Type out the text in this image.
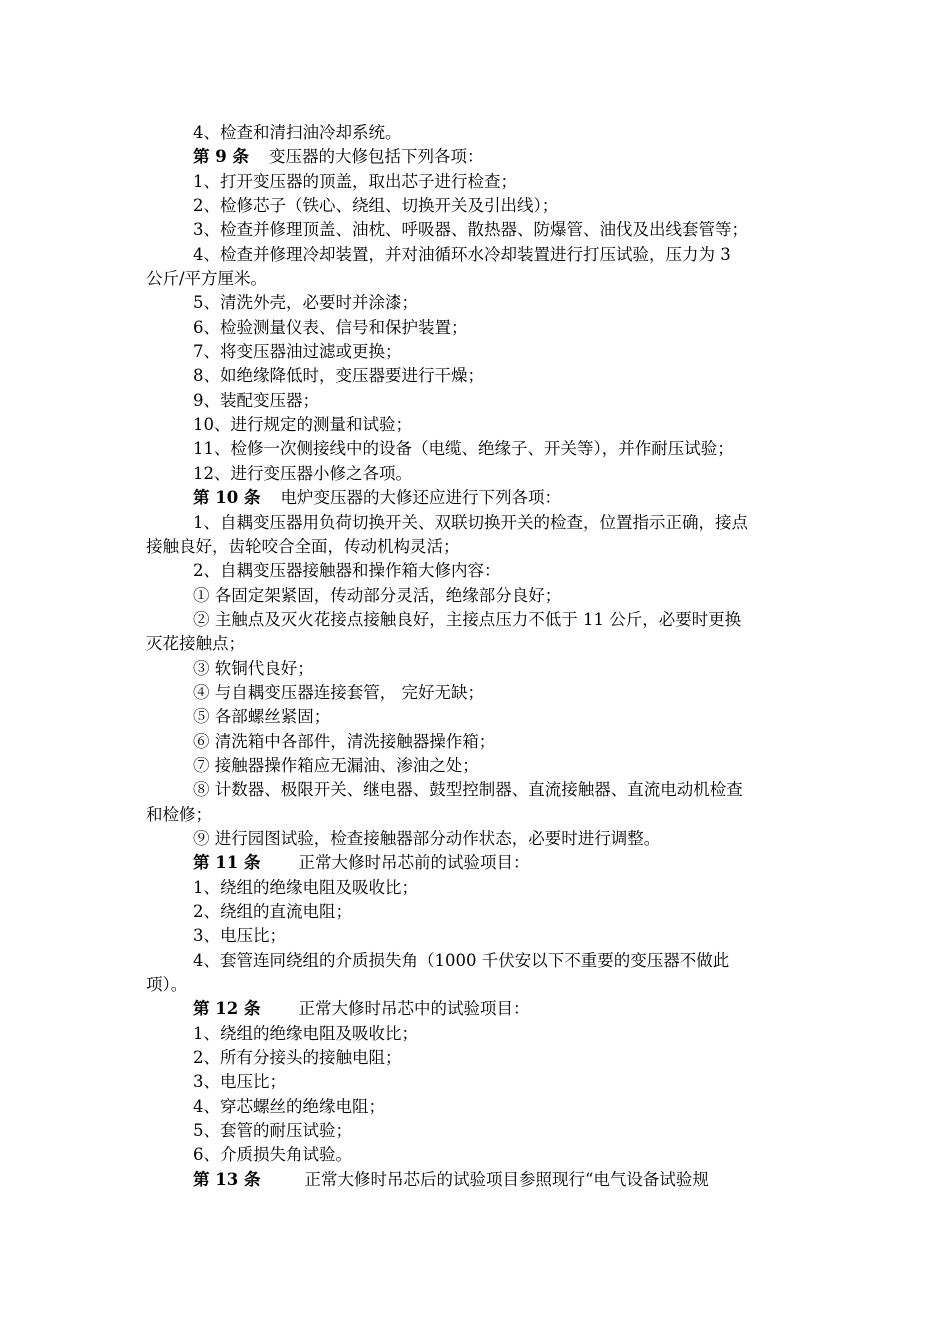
4、检查和清扫油冷却系统。
第 9 条 变压器的大修包括下列各项：
1、打开变压器的顶盖，取出芯子进行检查；
2、检修芯子（铁心、绕组、切换开关及引出线）；
3、检查并修理顶盖、油枕、呼吸器、散热器、防爆管、油伐及出线套管等；
4、检查并修理冷却装置，并对油循环水冷却装置进行打压试验，压力为 3
公斤/平方厘米。
5、清洗外壳，必要时并涂漆；
6、检验测量仪表、信号和保护装置；
7、将变压器油过滤或更换；
8、如绝缘降低时，变压器要进行干燥；
9、装配变压器；
10、进行规定的测量和试验；
11、检修一次侧接线中的设备（电缆、绝缘子、开关等），并作耐压试验；
12、进行变压器小修之各项。
第 10 条 电炉变压器的大修还应进行下列各项：
1、自耦变压器用负荷切换开关、双联切换开关的检查，位置指示正确，接点
接触良好，齿轮咬合全面，传动机构灵活；
2、自耦变压器接触器和操作箱大修内容：
① 各固定架紧固，传动部分灵活，绝缘部分良好；
② 主触点及灭火花接点接触良好，主接点压力不低于 11 公斤，必要时更换
灭花接触点；
③ 软铜代良好；
④ 与自耦变压器连接套管， 完好无缺；
⑤ 各部螺丝紧固；
⑥ 清洗箱中各部件，清洗接触器操作箱；
⑦ 接触器操作箱应无漏油、渗油之处；
⑧ 计数器、极限开关、继电器、鼓型控制器、直流接触器、直流电动机检查
和检修；
⑨ 进行园图试验，检查接触器部分动作状态，必要时进行调整。
第 11 条 正常大修时吊芯前的试验项目：
1、绕组的绝缘电阻及吸收比；
2、绕组的直流电阻；
3、电压比；
4、套管连同绕组的介质损失角（1000 千伏安以下不重要的变压器不做此
项）。
第 12 条 正常大修时吊芯中的试验项目：
1、绕组的绝缘电阻及吸收比；
2、所有分接头的接触电阻；
3、电压比；
4、穿芯螺丝的绝缘电阻；
5、套管的耐压试验；
6、介质损失角试验。
第 13 条	正常大修时吊芯后的试验项目参照现行“电气设备试验规
